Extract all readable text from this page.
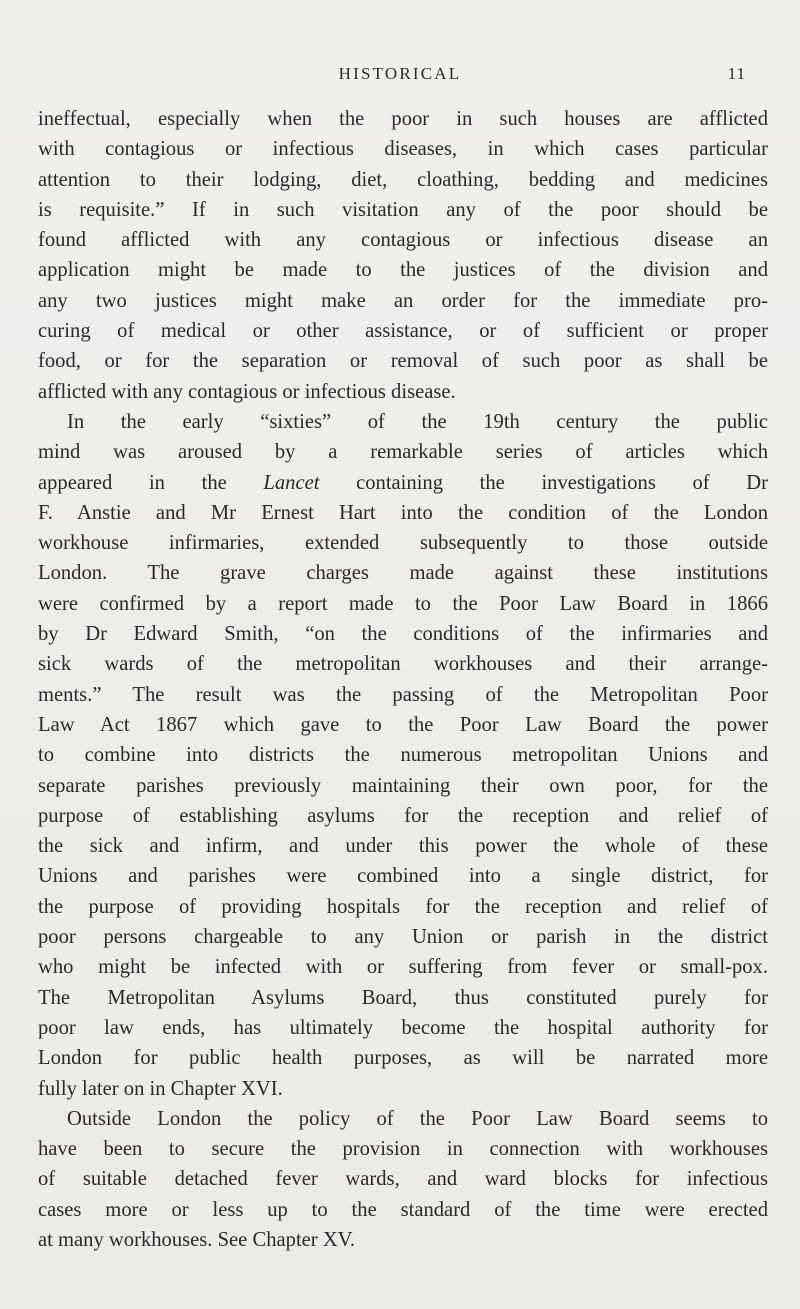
HISTORICAL	11
ineffectual, especially when the poor in such houses are afflicted
with contagious or infectious diseases, in which cases particular
attention to their lodging, diet, cloathing, bedding and medicines
is requisite.” If in such visitation any of the poor should be
found afflicted with any contagious or infectious disease an
application might be made to the justices of the division and
any two justices might make an order for the immediate pro-
curing of medical or other assistance, or of sufficient or proper
food, or for the separation or removal of such poor as shall be
afflicted with any contagious or infectious disease.
In the early “sixties” of the 19th century the public
mind was aroused by a remarkable series of articles which
appeared in the Lancet containing the investigations of Dr
F. Anstie and Mr Ernest Hart into the condition of the London
workhouse infirmaries, extended subsequently to those outside
London. The grave charges made against these institutions
were confirmed by a report made to the Poor Law Board in 1866
by Dr Edward Smith, “on the conditions of the infirmaries and
sick wards of the metropolitan workhouses and their arrange-
ments.” The result was the passing of the Metropolitan Poor
Law Act 1867 which gave to the Poor Law Board the power
to combine into districts the numerous metropolitan Unions and
separate parishes previously maintaining their own poor, for the
purpose of establishing asylums for the reception and relief of
the sick and infirm, and under this power the whole of these
Unions and parishes were combined into a single district, for
the purpose of providing hospitals for the reception and relief of
poor persons chargeable to any Union or parish in the district
who might be infected with or suffering from fever or small-pox.
The Metropolitan Asylums Board, thus constituted purely for
poor law ends, has ultimately become the hospital authority for
London for public health purposes, as will be narrated more
fully later on in Chapter XVI.
Outside London the policy of the Poor Law Board seems to
have been to secure the provision in connection with workhouses
of suitable detached fever wards, and ward blocks for infectious
cases more or less up to the standard of the time were erected
at many workhouses. See Chapter XV.
